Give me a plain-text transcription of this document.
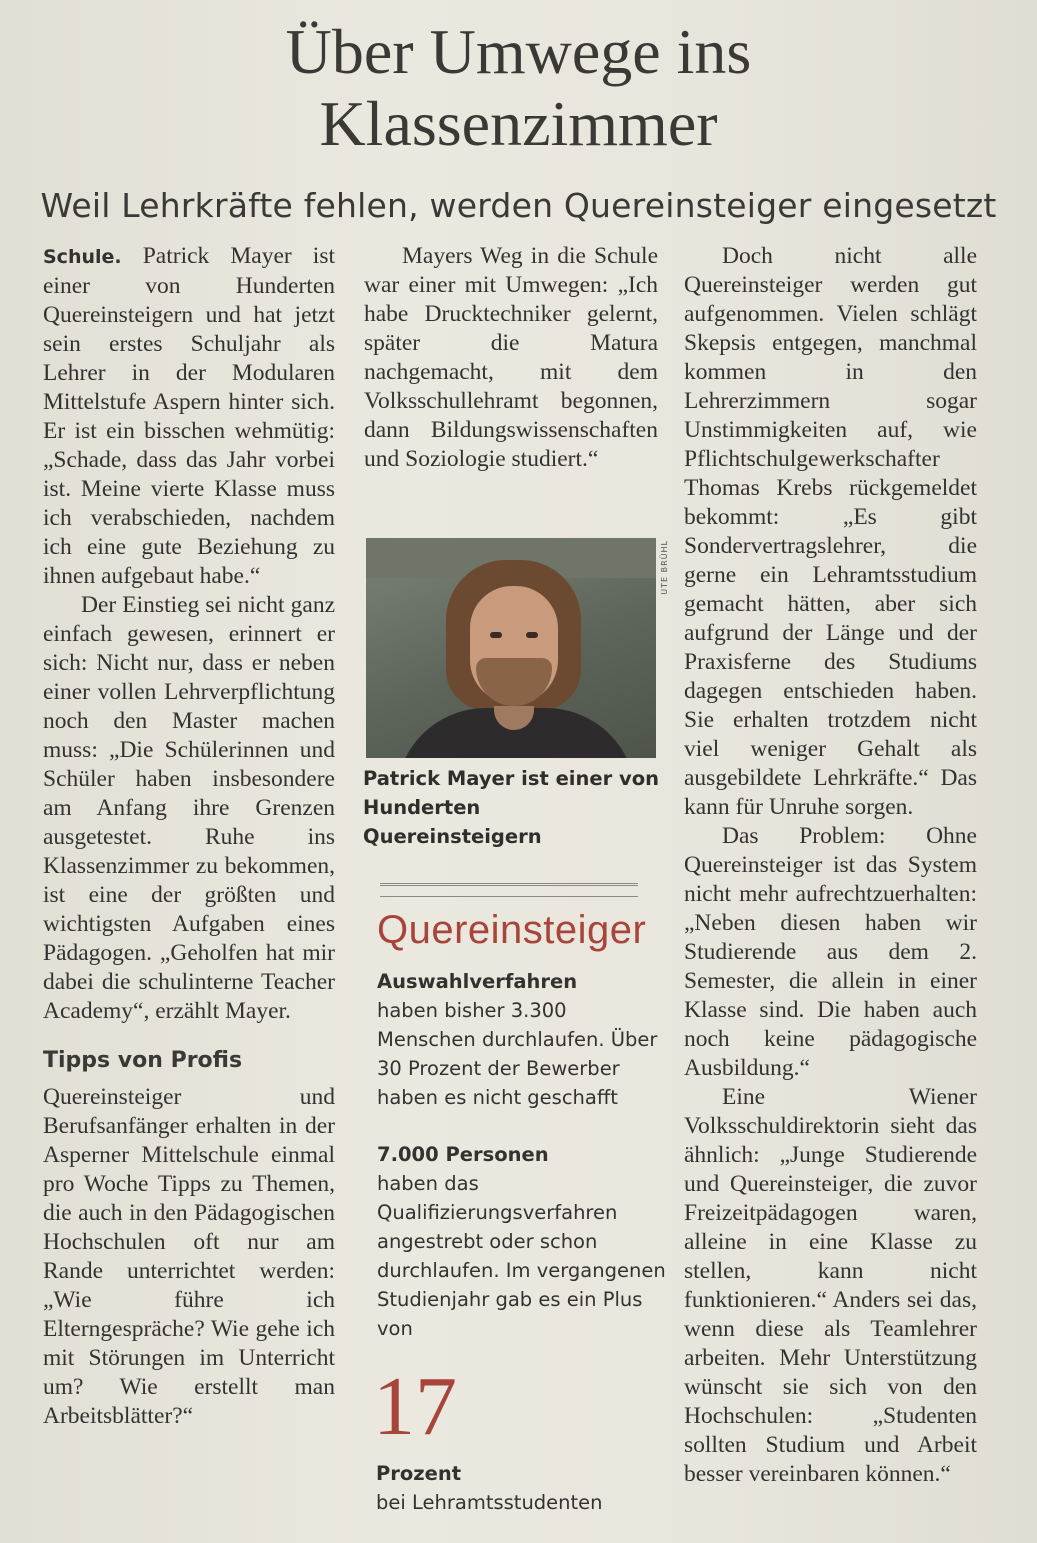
Über Umwege ins
Klassenzimmer
Weil Lehrkräfte fehlen, werden Quereinsteiger eingesetzt

Schule. Patrick Mayer ist einer von Hunderten Quereinsteigern und hat jetzt sein erstes Schuljahr als Lehrer in der Modularen Mittelstufe Aspern hinter sich. Er ist ein bisschen wehmütig: „Schade, dass das Jahr vorbei ist. Meine vierte Klasse muss ich verabschieden, nachdem ich eine gute Beziehung zu ihnen aufgebaut habe.“

Der Einstieg sei nicht ganz einfach gewesen, erinnert er sich: Nicht nur, dass er neben einer vollen Lehrverpflichtung noch den Master machen muss: „Die Schülerinnen und Schüler haben insbesondere am Anfang ihre Grenzen ausgetestet. Ruhe ins Klassenzimmer zu bekommen, ist eine der größten und wichtigsten Aufgaben eines Pädagogen. „Geholfen hat mir dabei die schulinterne Teacher Academy“, erzählt Mayer.

Tipps von Profis

Quereinsteiger und Berufsanfänger erhalten in der Asperner Mittelschule einmal pro Woche Tipps zu Themen, die auch in den Pädagogischen Hochschulen oft nur am Rande unterrichtet werden: „Wie führe ich Elterngespräche? Wie gehe ich mit Störungen im Unterricht um? Wie erstellt man Arbeitsblätter?“

Mayers Weg in die Schule war einer mit Umwegen: „Ich habe Drucktechniker gelernt, später die Matura nachgemacht, mit dem Volksschullehramt begonnen, dann Bildungswissenschaften und Soziologie studiert.“

UTE BRÜHL
Patrick Mayer ist einer von Hunderten Quereinsteigern
Quereinsteiger
Auswahlverfahren
haben bisher 3.300 Menschen durchlaufen. Über 30 Prozent der Bewerber haben es nicht geschafft
7.000 Personen
haben das Qualifizierungsverfahren angestrebt oder schon durchlaufen. Im vergangenen Studienjahr gab es ein Plus von
17
Prozent
bei Lehramtsstudenten

Doch nicht alle Quereinsteiger werden gut aufgenommen. Vielen schlägt Skepsis entgegen, manchmal kommen in den Lehrerzimmern sogar Unstimmigkeiten auf, wie Pflichtschulgewerkschafter Thomas Krebs rückgemeldet bekommt: „Es gibt Sondervertragslehrer, die gerne ein Lehramtsstudium gemacht hätten, aber sich aufgrund der Länge und der Praxisferne des Studiums dagegen entschieden haben. Sie erhalten trotzdem nicht viel weniger Gehalt als ausgebildete Lehrkräfte.“ Das kann für Unruhe sorgen.

Das Problem: Ohne Quereinsteiger ist das System nicht mehr aufrechtzuerhalten: „Neben diesen haben wir Studierende aus dem 2. Semester, die allein in einer Klasse sind. Die haben auch noch keine pädagogische Ausbildung.“

Eine Wiener Volksschuldirektorin sieht das ähnlich: „Junge Studierende und Quereinsteiger, die zuvor Freizeitpädagogen waren, alleine in eine Klasse zu stellen, kann nicht funktionieren.“ Anders sei das, wenn diese als Teamlehrer arbeiten. Mehr Unterstützung wünscht sie sich von den Hochschulen: „Studenten sollten Studium und Arbeit besser vereinbaren können.“
